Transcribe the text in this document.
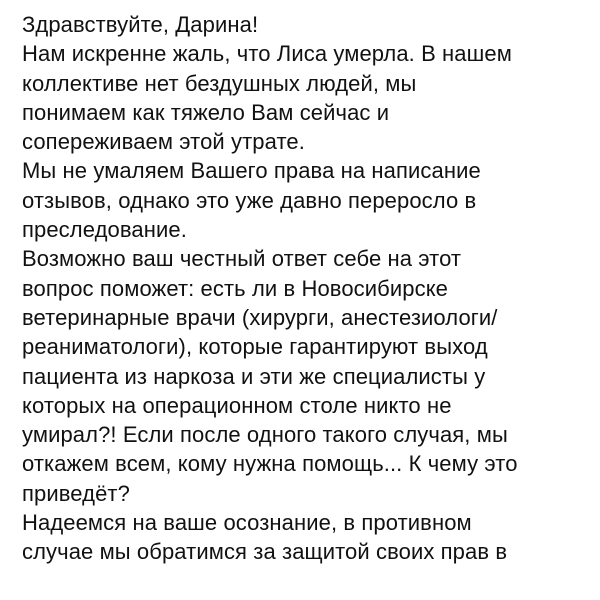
Здравствуйте, Дарина!
Нам искренне жаль, что Лиса умерла. В нашем
коллективе нет бездушных людей, мы
понимаем как тяжело Вам сейчас и
сопереживаем этой утрате.
Мы не умаляем Вашего права на написание
отзывов, однако это уже давно переросло в
преследование.
Возможно ваш честный ответ себе на этот
вопрос поможет: есть ли в Новосибирске
ветеринарные врачи (хирурги, анестезиологи/
реаниматологи), которые гарантируют выход
пациента из наркоза и эти же специалисты у
которых на операционном столе никто не
умирал?! Если после одного такого случая, мы
откажем всем, кому нужна помощь... К чему это
приведёт?
Надеемся на ваше осознание, в противном
случае мы обратимся за защитой своих прав в
